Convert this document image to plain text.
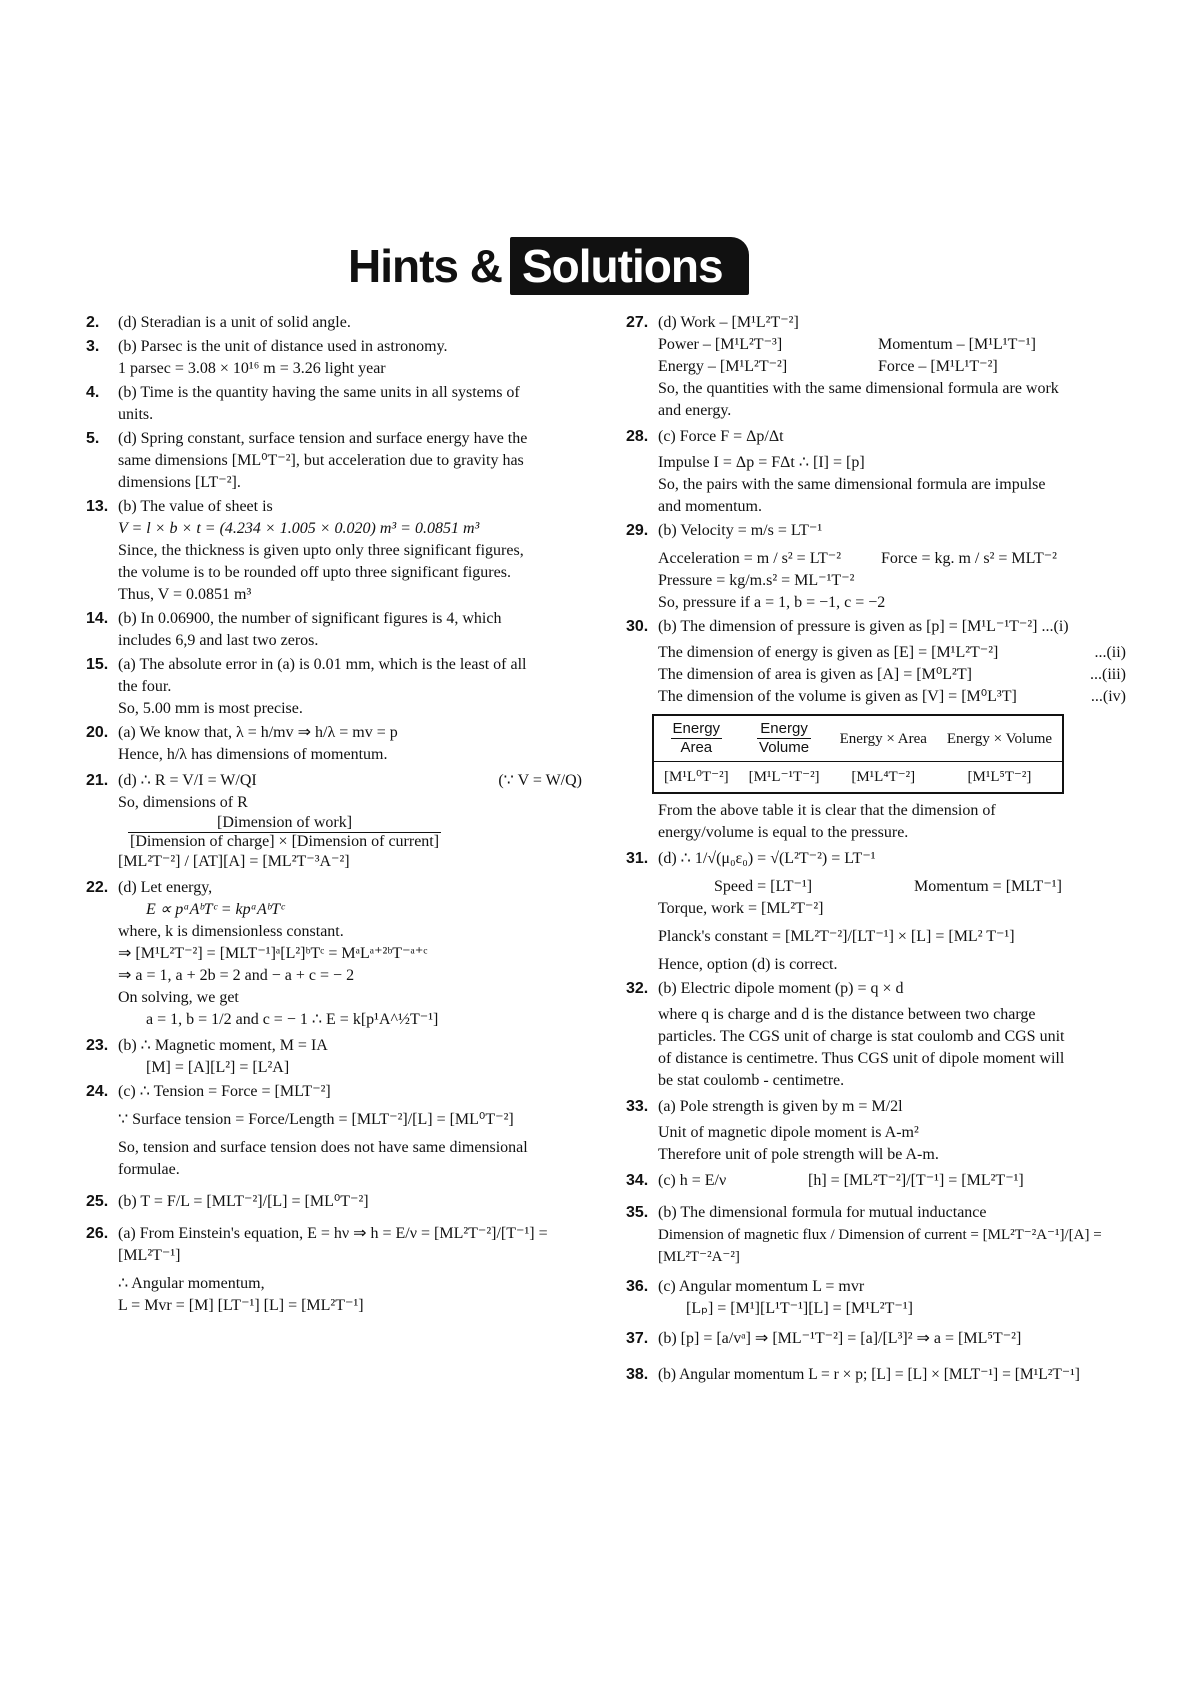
Hints & Solutions
2. (d) Steradian is a unit of solid angle.
3. (b) Parsec is the unit of distance used in astronomy.
1 parsec = 3.08 × 10¹⁶ m = 3.26 light year
4. (b) Time is the quantity having the same units in all systems of
units.
5. (d) Spring constant, surface tension and surface energy have the
same dimensions [ML⁰T⁻²], but acceleration due to gravity has
dimensions [LT⁻²].
13. (b) The value of sheet is
V = l × b × t = (4.234 × 1.005 × 0.020) m³ = 0.0851 m³
Since, the thickness is given upto only three significant figures,
the volume is to be rounded off upto three significant figures.
Thus, V = 0.0851 m³
14. (b) In 0.06900, the number of significant figures is 4, which
includes 6,9 and last two zeros.
15. (a) The absolute error in (a) is 0.01 mm, which is the least of all
the four.
So, 5.00 mm is most precise.
20. (a) We know that, λ = h/mv ⇒ h/λ = mv = p
Hence, h/λ has dimensions of momentum.
21. (d) ∴ R = V/I = W/QI	(∵ V = W/Q)
So, dimensions of R
$\frac{\text{[Dimension of work]}}{\text{[Dimension of charge] × [Dimension of current]}}$
[ML²T⁻²] / [AT][A] = [ML²T⁻³A⁻²]
22. (d) Let energy,
E ∝ pᵃAᵇTᶜ = kpᵃAᵇTᶜ
where, k is dimensionless constant.
⇒ [M¹L²T⁻²] = [MLT⁻¹]ᵃ[L²]ᵇTᶜ = MᵃLᵃ⁺²ᵇT⁻ᵃ⁺ᶜ
⇒ a = 1, a + 2b = 2 and − a + c = − 2
On solving, we get
a = 1, b = 1/2 and c = − 1 ∴ E = k[p¹A^½T⁻¹]
23. (b) ∴ Magnetic moment, M = IA
[M] = [A][L²] = [L²A]
24. (c) ∴ Tension = Force = [MLT⁻²]
∵ Surface tension = Force/Length = [MLT⁻²]/[L] = [ML⁰T⁻²]
So, tension and surface tension does not have same dimensional
formulae.
25. (b) T = F/L = [MLT⁻²]/[L] = [ML⁰T⁻²]
26. (a) From Einstein's equation, E = hν ⇒ h = E/ν = [ML²T⁻²]/[T⁻¹] = [ML²T⁻¹]
∴ Angular momentum,
L = Mvr = [M] [LT⁻¹] [L] = [ML²T⁻¹]
27. (d) Work – [M¹L²T⁻²]
Power – [M¹L²T⁻³]	Momentum – [M¹L¹T⁻¹]
Energy – [M¹L²T⁻²]	Force – [M¹L¹T⁻²]
So, the quantities with the same dimensional formula are work
and energy.
28. (c) Force F = Δp/Δt
Impulse I = Δp = FΔt ∴ [I] = [p]
So, the pairs with the same dimensional formula are impulse
and momentum.
29. (b) Velocity = m/s = LT⁻¹
Acceleration = m / s² = LT⁻²	Force = kg. m / s² = MLT⁻²
Pressure = kg/m.s² = ML⁻¹T⁻²
So, pressure if a = 1, b = −1, c = −2
30. (b) The dimension of pressure is given as [p] = [M¹L⁻¹T⁻²] ...(i)
The dimension of energy is given as [E] = [M¹L²T⁻²]	...(ii)
The dimension of area is given as [A] = [M⁰L²T]	...(iii)
The dimension of the volume is given as [V] = [M⁰L³T]	...(iv)
$\frac{\text{Energy}}{\text{Area}}$	$\frac{\text{Energy}}{\text{Volume}}$	Energy × Area	Energy × Volume
[M¹L⁰T⁻²]	[M¹L⁻¹T⁻²]	[M¹L⁴T⁻²]	[M¹L⁵T⁻²]
From the above table it is clear that the dimension of
energy/volume is equal to the pressure.
31. (d) ∴ 1/√(μ₀ε₀) = √(L²T⁻²) = LT⁻¹
Speed = [LT⁻¹]	Momentum = [MLT⁻¹]
Torque, work = [ML²T⁻²]
Planck's constant = [ML²T⁻²]/[LT⁻¹] × [L] = [ML² T⁻¹]
Hence, option (d) is correct.
32. (b) Electric dipole moment (p) = q × d
where q is charge and d is the distance between two charge
particles. The CGS unit of charge is stat coulomb and CGS unit
of distance is centimetre. Thus CGS unit of dipole moment will
be stat coulomb - centimetre.
33. (a) Pole strength is given by m = M/2l
Unit of magnetic dipole moment is A-m²
Therefore unit of pole strength will be A-m.
34. (c) h = E/ν	[h] = [ML²T⁻²]/[T⁻¹] = [ML²T⁻¹]
35. (b) The dimensional formula for mutual inductance
Dimension of magnetic flux / Dimension of current = [ML²T⁻²A⁻¹]/[A] = [ML²T⁻²A⁻²]
36. (c) Angular momentum L = mvr
[Lₚ] = [M¹][L¹T⁻¹][L] = [M¹L²T⁻¹]
37. (b) [p] = [a/vᵃ] ⇒ [ML⁻¹T⁻²] = [a]/[L³]² ⇒ a = [ML⁵T⁻²]
38. (b) Angular momentum L = r × p; [L] = [L] × [MLT⁻¹] = [M¹L²T⁻¹]
